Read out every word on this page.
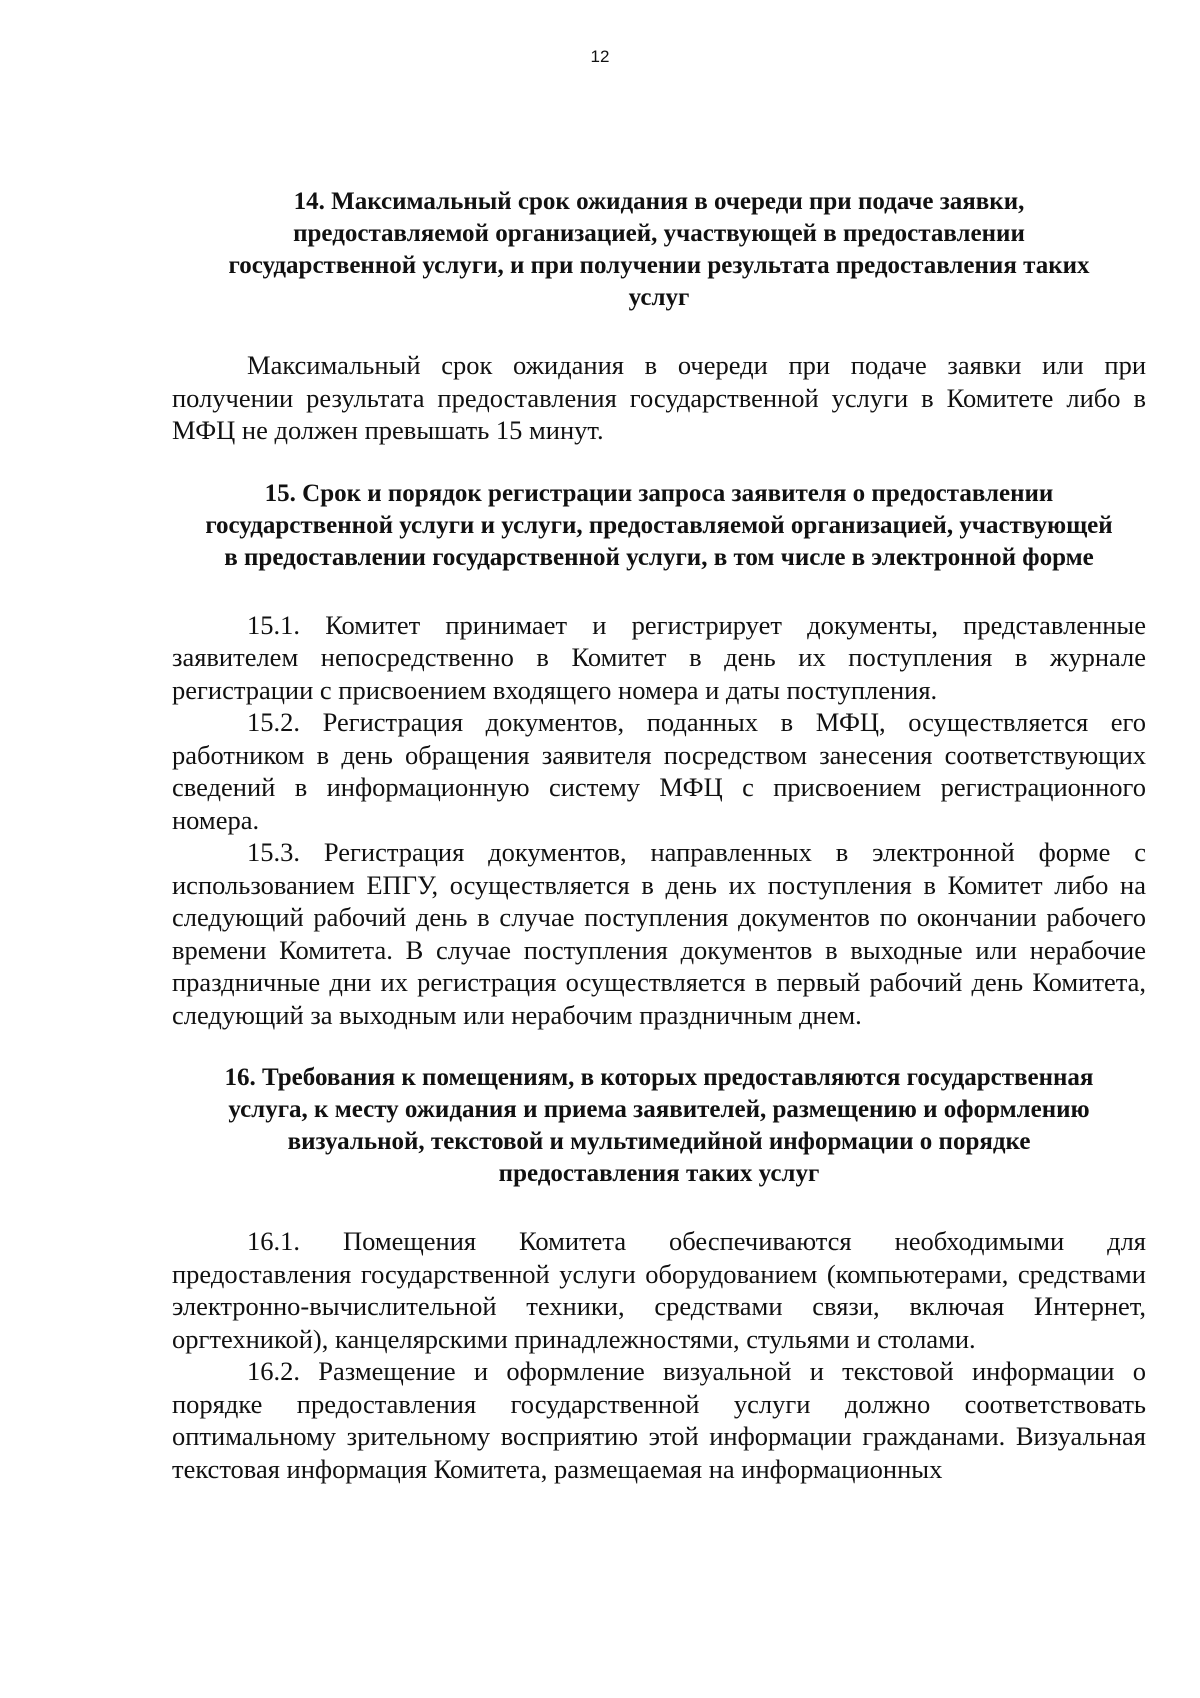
12
14. Максимальный срок ожидания в очереди при подаче заявки, предоставляемой организацией, участвующей в предоставлении государственной услуги, и при получении результата предоставления таких услуг

Максимальный срок ожидания в очереди при подаче заявки или при получении результата предоставления государственной услуги в Комитете либо в МФЦ не должен превышать 15 минут.

15. Срок и порядок регистрации запроса заявителя о предоставлении государственной услуги и услуги, предоставляемой организацией, участвующей в предоставлении государственной услуги, в том числе в электронной форме

15.1. Комитет принимает и регистрирует документы, представленные заявителем непосредственно в Комитет в день их поступления в журнале регистрации с присвоением входящего номера и даты поступления.

15.2. Регистрация документов, поданных в МФЦ, осуществляется его работником в день обращения заявителя посредством занесения соответствующих сведений в информационную систему МФЦ с присвоением регистрационного номера.

15.3. Регистрация документов, направленных в электронной форме с использованием ЕПГУ, осуществляется в день их поступления в Комитет либо на следующий рабочий день в случае поступления документов по окончании рабочего времени Комитета. В случае поступления документов в выходные или нерабочие праздничные дни их регистрация осуществляется в первый рабочий день Комитета, следующий за выходным или нерабочим праздничным днем.

16. Требования к помещениям, в которых предоставляются государственная услуга, к месту ожидания и приема заявителей, размещению и оформлению визуальной, текстовой и мультимедийной информации о порядке предоставления таких услуг

16.1. Помещения Комитета обеспечиваются необходимыми для предоставления государственной услуги оборудованием (компьютерами, средствами электронно-вычислительной техники, средствами связи, включая Интернет, оргтехникой), канцелярскими принадлежностями, стульями и столами.

16.2. Размещение и оформление визуальной и текстовой информации о порядке предоставления государственной услуги должно соответствовать оптимальному зрительному восприятию этой информации гражданами. Визуальная текстовая информация Комитета, размещаемая на информационных
